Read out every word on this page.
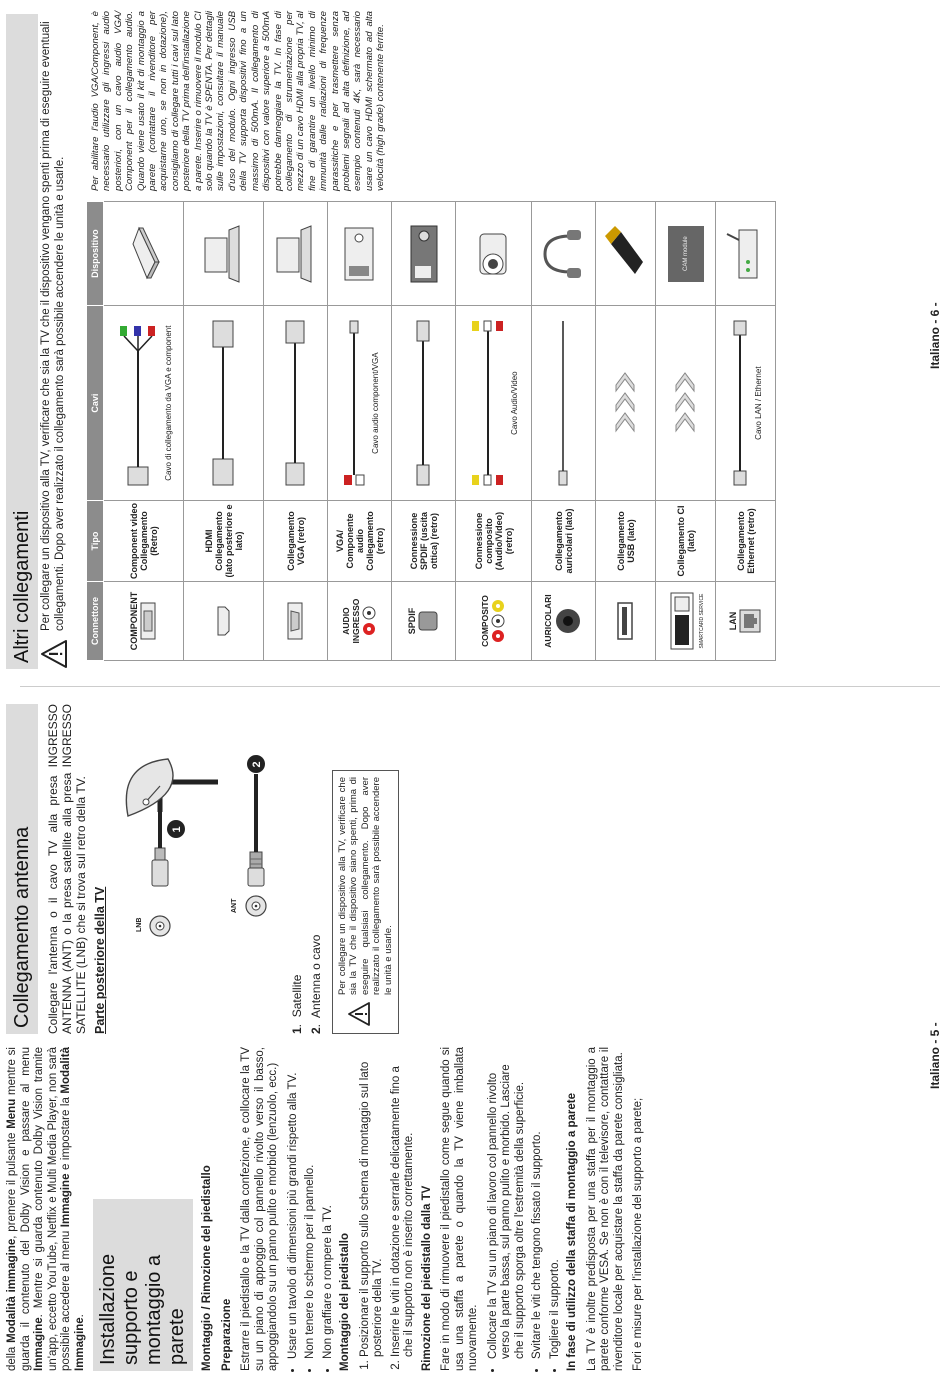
della Modalità immagine, premere il pulsante Menu mentre si guarda il contenuto del Dolby Vision e passare al menu Immagine. Mentre si guarda contenuto Dolby Vision tramite un'app, eccetto YouTube, Netflix e Multi Media Player, non sarà possibile accedere al menu Immagine e impostare la Modalità Immagine. Installazione supporto e montaggio a parete Montaggio / Rimozione del piedistallo Preparazione Estrarre il piedistallo e la TV dalla confezione, e collocare la TV su un piano di appoggio col pannello rivolto verso il basso, appoggiandolo su un panno pulito e morbido (lenzuolo, ecc.) • Usare un tavolo di dimensioni più grandi rispetto alla TV. • Non tenere lo schermo per il pannello. • Non graffiare o rompere la TV. Montaggio del piedistallo 1. Posizionare il supporto sullo schema di montaggio sul lato posteriore della TV. 2. Inserire le viti in dotazione e serrarle delicatamente fino a che il supporto non è inserito correttamente. Rimozione del piedistallo dalla TV Fare in modo di rimuovere il piedistallo come segue quando si usa una staffa a parete o quando la TV viene imballata nuovamente. • Collocare la TV su un piano di lavoro col pannello rivolto verso la parte bassa, sul panno pulito e morbido. Lasciare che il supporto sporga oltre l'estremità della superficie. • Svitare le viti che tengono fissato il supporto. • Togliere il supporto. In fase di utilizzo della staffa di montaggio a parete La TV è inoltre predisposta per una staffa per il montaggio a parete conforme VESA. Se non è con il televisore, contattare il rivenditore locale per acquistare la staffa da parete consigliata. Fori e misure per l'installazione del supporto a parete;

Collegamento antenna	Collegare l'antenna o il cavo TV alla presa INGRESSO ANTENNA (ANT) o la presa satellite alla presa INGRESSO SATELLITE (LNB) che si trova sul retro della TV. Parte posteriore della TV	LNB
ANT
1
2
1.  Satellite
2.  Antenna o cavo Per collegare un dispositivo alla TV, verificare che sia la TV che il dispositivo siano spenti, prima di eseguire qualsiasi collegamento. Dopo aver realizzato il collegamento sarà possibile accendere le unità e usarle.
Italiano - 5 -
Altri collegamenti Per collegare un dispositivo alla TV, verificare che sia la TV che il dispositivo vengano spenti prima di eseguire eventuali collegamenti. Dopo aver realizzato il collegamento sarà possibile accendere le unità e usarle.	Connettore	Tipo	Cavi	Dispositivo

COMPONENT	Component video Collegamento (Retro)	Cavo di collegamento da VGA e component

	HDMI Collegamento (lato posteriore e lato)		
	Collegamento VGA (retro)		

AUDIO INGRESSO	VGA/ Componente audio Collegamento (retro)	Cavo audio component/VGA

SPDIF	Connessione SPDIF (uscita ottica) (retro)		

COMPOSITO	Connessione composito (Audio/Video) (retro)	Cavo Audio/Video

AURICOLARI	Collegamento auricolari (lato)		
	Collegamento USB (lato)		

SMARTCARD SERVICE	Collegamento CI (lato)		CAM module

LAN	Collegamento Ethernet (retro)	Cavo LAN / Ethernet

Per abilitare l'audio VGA/Component, è necessario utilizzare gli ingressi audio posteriori, con un cavo audio VGA/ Component per il collegamento audio. Quando viene usato il kit di montaggio a parete (contattare il rivenditore per acquistarne uno, se non in dotazione), consigliamo di collegare tutti i cavi sul lato posteriore della TV prima dell'installazione a parete. Inserire o rimuovere il modulo CI solo quando la TV è SPENTA. Per dettagli sulle impostazioni, consultare il manuale d'uso del modulo. Ogni ingresso USB della TV supporta dispositivi fino a un massimo di 500mA. Il collegamento di dispositivi con valore superiore a 500mA potrebbe danneggiare la TV. In fase di collegamento di strumentazione per mezzo di un cavo HDMI alla propria TV, al fine di garantire un livello minimo di immunità dalle radiazioni di frequenze parassitiche e per trasmettere senza problemi segnali ad alta definizione, ad esempio contenuti 4K, sarà necessario usare un cavo HDMI schermato ad alta velocità (high grade) contenente ferrite.
Italiano - 6 -
